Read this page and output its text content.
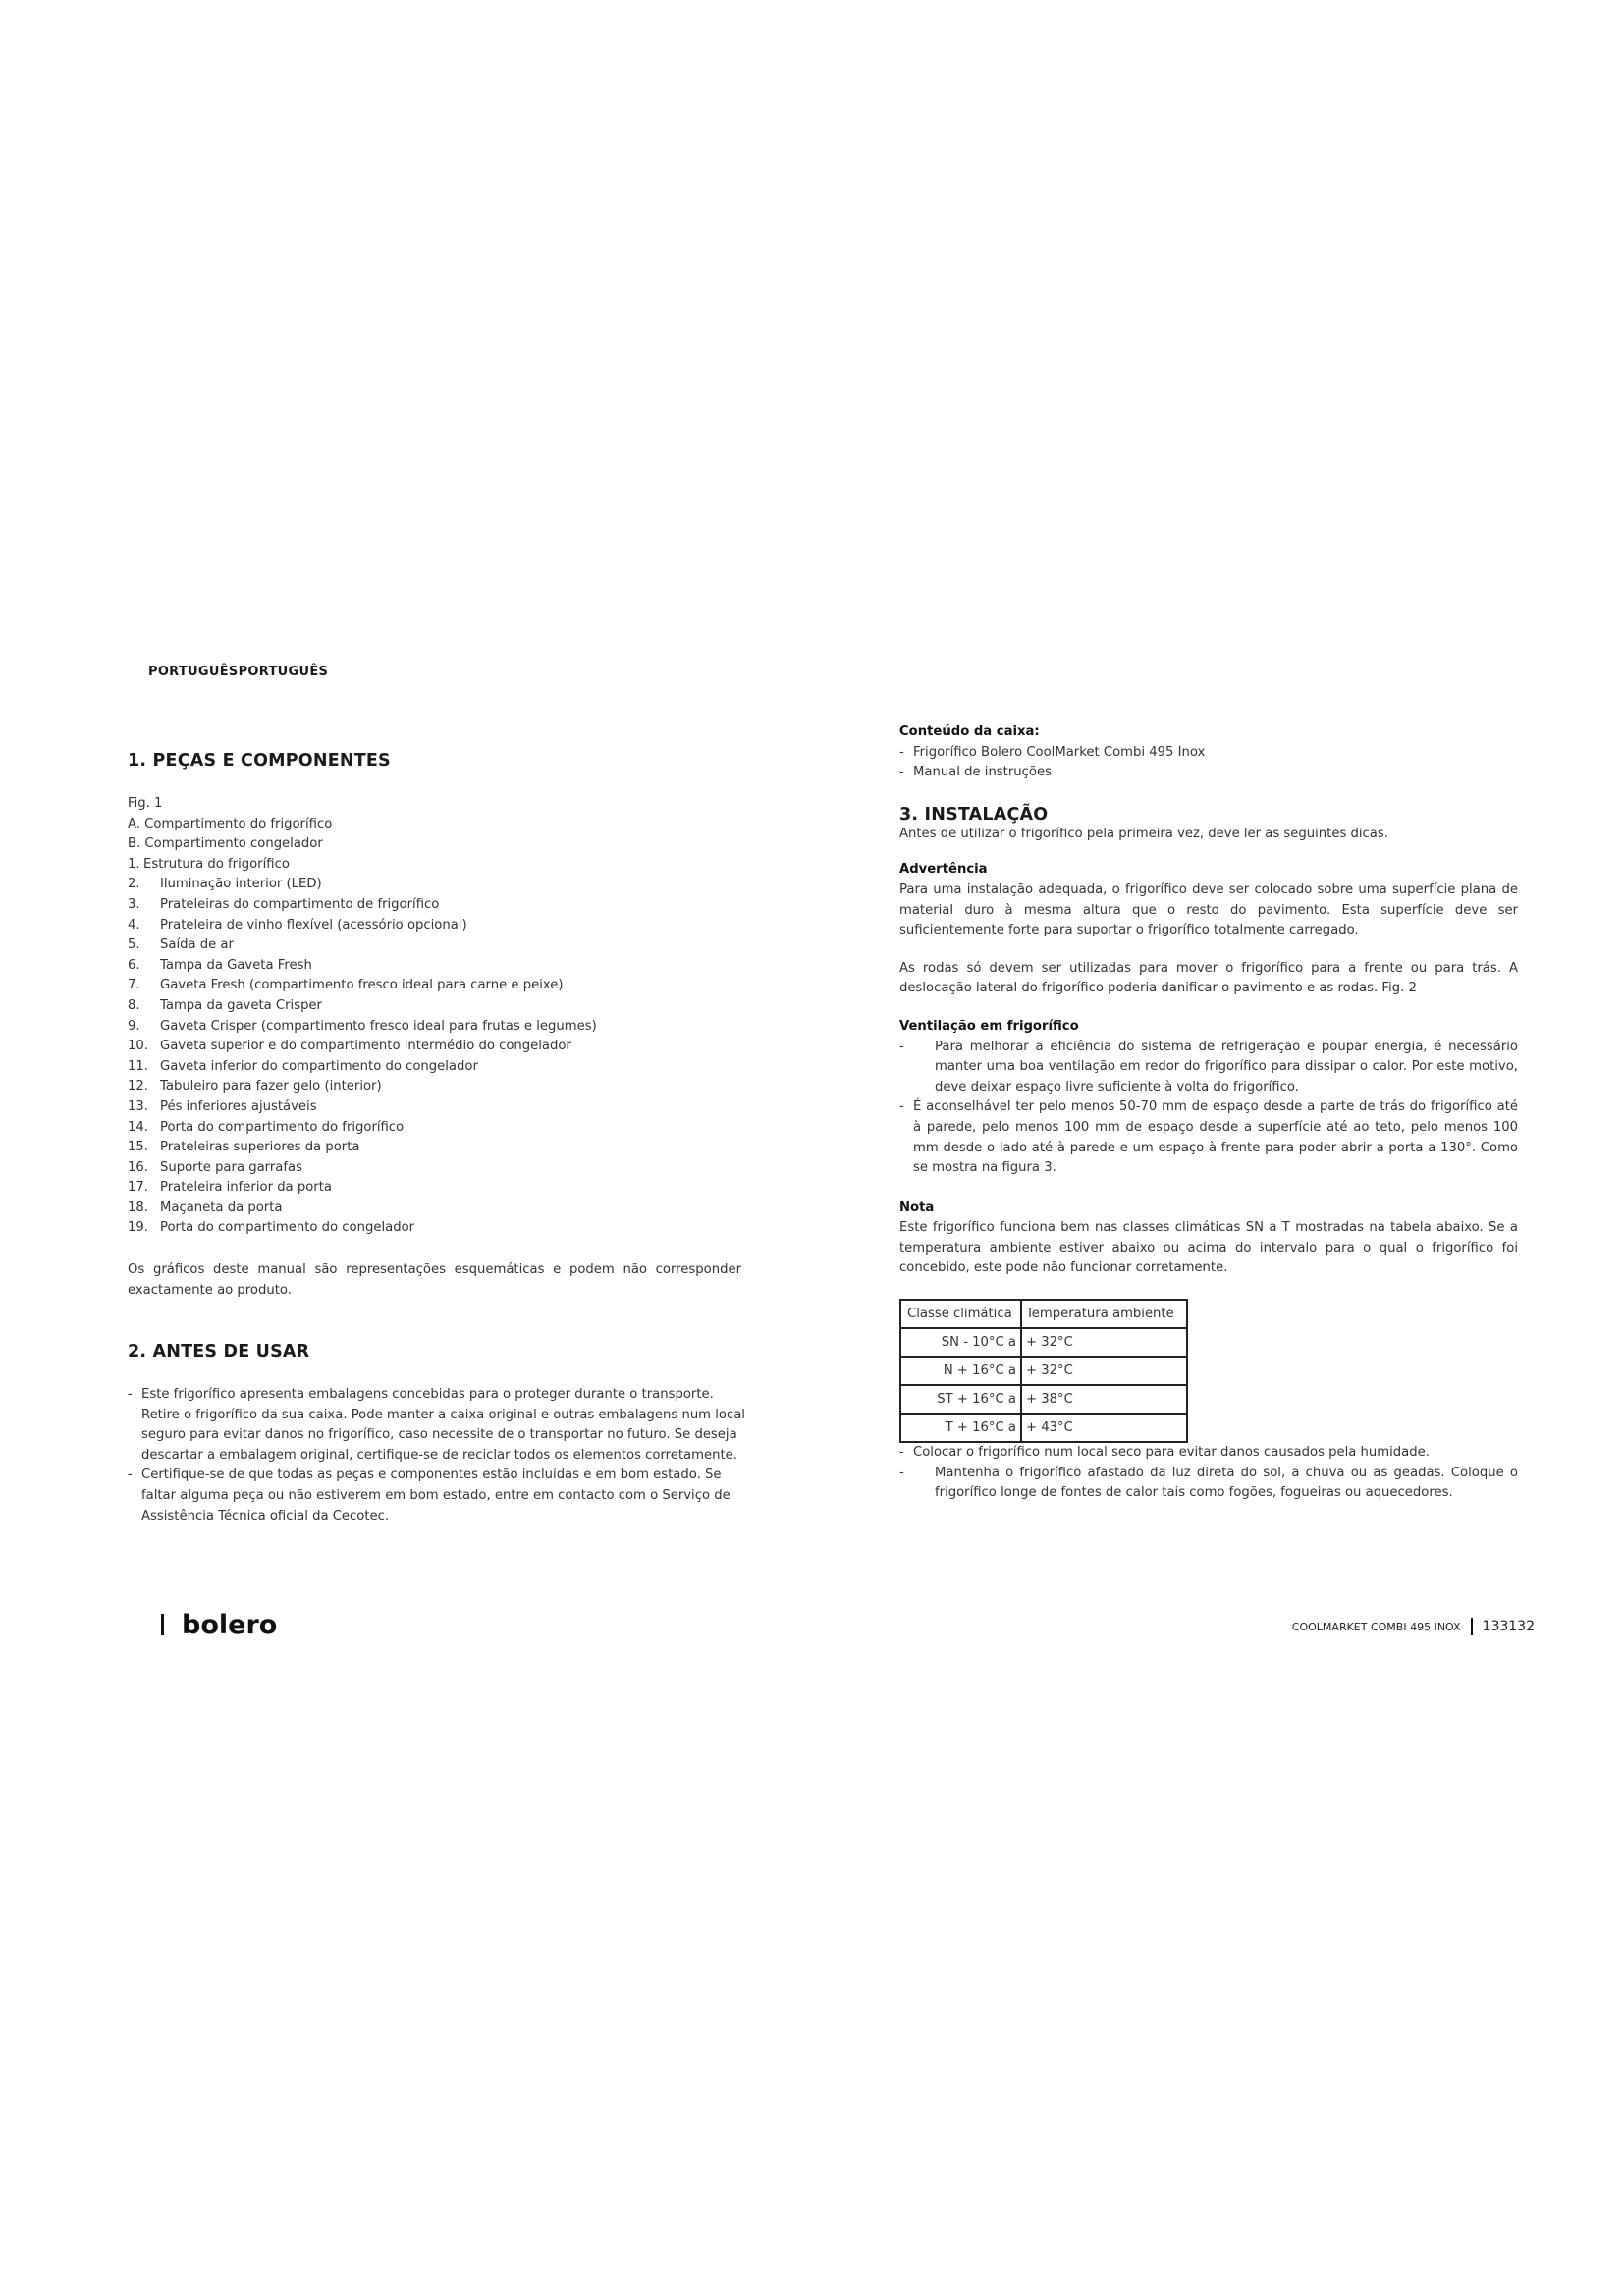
PORTUGUÊSPORTUGUÊS
1. PEÇAS E COMPONENTES
Fig. 1
A. Compartimento do frigorífico
B. Compartimento congelador
1. Estrutura do frigorífico
2.	Iluminação interior (LED)
3.	Prateleiras do compartimento de frigorífico
4.	Prateleira de vinho flexível (acessório opcional)
5.	Saída de ar
6.	Tampa da Gaveta Fresh
7.	Gaveta Fresh (compartimento fresco ideal para carne e peixe)
8.	Tampa da gaveta Crisper
9.	Gaveta Crisper (compartimento fresco ideal para frutas e legumes)
10. Gaveta superior e do compartimento intermédio do congelador
11. Gaveta inferior do compartimento do congelador
12. Tabuleiro para fazer gelo (interior)
13. Pés inferiores ajustáveis
14. Porta do compartimento do frigorífico
15. Prateleiras superiores da porta
16. Suporte para garrafas
17. Prateleira inferior da porta
18. Maçaneta da porta
19. Porta do compartimento do congelador
Os gráficos deste manual são representações esquemáticas e podem não corresponder exactamente ao produto.
2. ANTES DE USAR
- Este frigorífico apresenta embalagens concebidas para o proteger durante o transporte. Retire o frigorífico da sua caixa. Pode manter a caixa original e outras embalagens num local seguro para evitar danos no frigorífico, caso necessite de o transportar no futuro. Se deseja descartar a embalagem original, certifique-se de reciclar todos os elementos corretamente.
- Certifique-se de que todas as peças e componentes estão incluídas e em bom estado. Se faltar alguma peça ou não estiverem em bom estado, entre em contacto com o Serviço de Assistência Técnica oficial da Cecotec.
Conteúdo da caixa:
- Frigorífico Bolero CoolMarket Combi 495 Inox
- Manual de instruções
3. INSTALAÇÃO
Antes de utilizar o frigorífico pela primeira vez, deve ler as seguintes dicas.
Advertência
Para uma instalação adequada, o frigorífico deve ser colocado sobre uma superfície plana de material duro à mesma altura que o resto do pavimento. Esta superfície deve ser suficientemente forte para suportar o frigorífico totalmente carregado.
As rodas só devem ser utilizadas para mover o frigorífico para a frente ou para trás. A deslocação lateral do frigorífico poderia danificar o pavimento e as rodas. Fig. 2
Ventilação em frigorífico
-	Para melhorar a eficiência do sistema de refrigeração e poupar energia, é necessário manter uma boa ventilação em redor do frigorífico para dissipar o calor. Por este motivo, deve deixar espaço livre suficiente à volta do frigorífico.
- É aconselhável ter pelo menos 50-70 mm de espaço desde a parte de trás do frigorífico até à parede, pelo menos 100 mm de espaço desde a superfície até ao teto, pelo menos 100 mm desde o lado até à parede e um espaço à frente para poder abrir a porta a 130°. Como se mostra na figura 3.
Nota
Este frigorífico funciona bem nas classes climáticas SN a T mostradas na tabela abaixo. Se a temperatura ambiente estiver abaixo ou acima do intervalo para o qual o frigorífico foi concebido, este pode não funcionar corretamente.
Classe climática	Temperatura ambiente
SN - 10°C a	+ 32°C
N + 16°C a	+ 32°C
ST + 16°C a	+ 38°C
T + 16°C a	+ 43°C
- Colocar o frigorífico num local seco para evitar danos causados pela humidade.
-	Mantenha o frigorífico afastado da luz direta do sol, a chuva ou as geadas. Coloque o frigorífico longe de fontes de calor tais como fogões, fogueiras ou aquecedores.
bolero	COOLMARKET COMBI 495 INOX 133132
